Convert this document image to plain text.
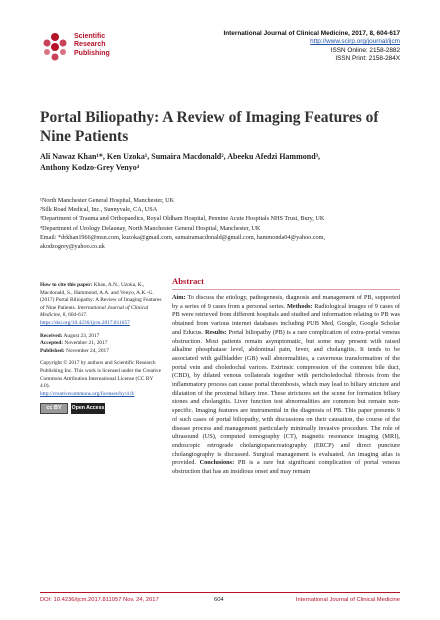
Scientific
Research
Publishing
International Journal of Clinical Medicine, 2017, 8, 604-617
http://www.scirp.org/journal/ijcm
ISSN Online: 2158-2882
ISSN Print: 2158-284X
Portal Biliopathy: A Review of Imaging Features of Nine Patients
Ali Nawaz Khan¹*, Ken Uzoka¹, Sumaira Macdonald², Abeeku Afedzi Hammond³,
Anthony Kodzo-Grey Venyo⁴
¹North Manchester General Hospital, Manchester, UK
²Silk Road Medical, Inc., Sunnyvale, CA, USA
³Department of Trauma and Orthopaedics, Royal Oldham Hospital, Pennine Acute Hospitals NHS Trust, Bury, UK
⁴Department of Urology Delaunay, North Manchester General Hospital, Manchester, UK
Email: *drkhan1966@msn.com, kuzoka@gmail.com, sumairamacdonald@gmail.com, hammonda04@yahoo.com,
akodzogrey@yahoo.co.uk

How to cite this paper: Khan, A.N., Uzoka, K., Macdonald, S., Hammond, A.A. and Venyo, A.K.-G. (2017) Portal Biliopathy: A Review of Imaging Features of Nine Patients. International Journal of Clinical Medicine, 8, 604-617.
https://doi.org/10.4236/ijcm.2017.811057

Received: August 23, 2017
Accepted: November 21, 2017
Published: November 24, 2017

Copyright © 2017 by authors and Scientific Research Publishing Inc. This work is licensed under the Creative Commons Attribution International License (CC BY 4.0).
http://creativecommons.org/licenses/by/4.0/

cc BY	Open Access
Abstract
Aim: To discuss the etiology, pathogenesis, diagnosis and management of PB, supported by a series of 9 cases from a personal series. Methods: Radiological images of 9 cases of PB were retrieved from different hospitals and studied and information relating to PB was obtained from various internet databases including PUB Med, Google, Google Scholar and Educus. Results: Portal biliopathy (PB) is a rare complication of extra-portal venous obstruction. Most patients remain asymptomatic, but some may present with raised alkaline phosphatase level, abdominal pain, fever, and cholangitis. It tends to be associated with gallbladder (GB) wall abnormalities, a cavernous transformation of the portal vein and choledochal varices. Extrinsic compression of the common bile duct, (CBD), by dilated venous collaterals together with pericholedochal fibrosis from the inflammatory process can cause portal thrombosis, which may lead to biliary stricture and dilatation of the proximal biliary tree. These strictures set the scene for formation biliary stones and cholangitis. Liver function test abnormalities are common but remain non-specific. Imaging features are instrumental in the diagnosis of PB. This paper presents 9 of such cases of portal biliopathy, with discussions on their causation, the course of the disease process and management particularly minimally invasive procedure. The role of ultrasound (US), computed tomography (CT), magnetic resonance imaging (MRI), endoscopic retrograde cholangiopancreatography (ERCP) and direct puncture cholangiography is discussed. Surgical management is evaluated. An imaging atlas is provided. Conclusions: PB is a rare but significant complication of portal venous obstruction that has an insidious onset and may remain
DOI: 10.4236/ijcm.2017.811057 Nov. 24, 2017	604	International Journal of Clinical Medicine
